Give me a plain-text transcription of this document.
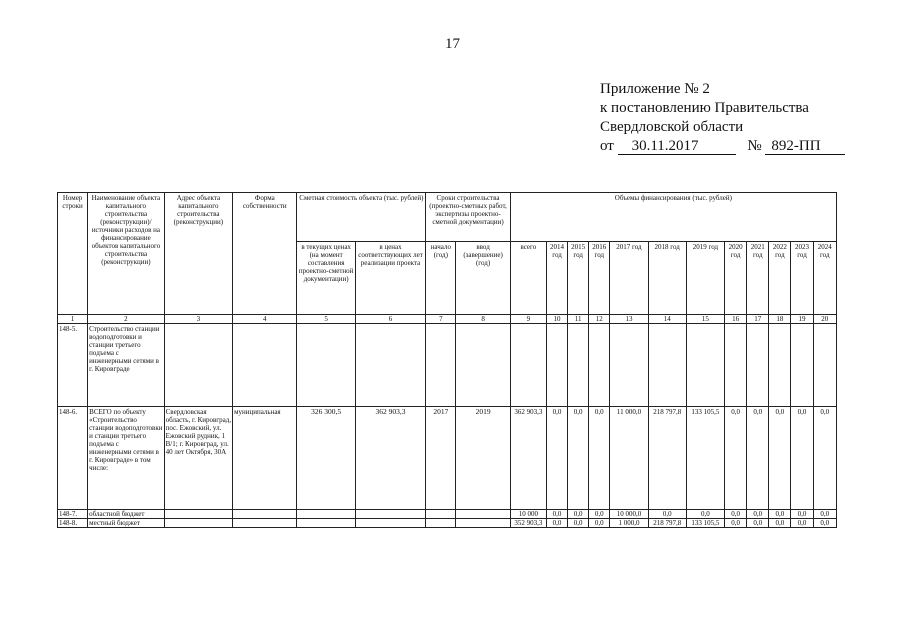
17
Приложение № 2
к постановлению Правительства
Свердловской области
от 30.11.2017	№ 892-ПП
Номер строки	Наименование объекта капитального строительства (реконструкции)/ источники расходов на финансирование объектов капитального строительства (реконструкции)	Адрес объекта капитального строительства (реконструкции)	Форма собственности	Сметная стоимость объекта (тыс. рублей)		Сроки строительства (проектно-сметных работ, экспертизы проектно-сметной документации)		Объемы финансирования (тыс. рублей)											
				в текущих ценах (на момент составления проектно-сметной документации)	в ценах соответствующих лет реализации проекта	начало (год)	ввод (завершение) (год)	всего	2014 год	2015 год	2016 год	2017 год	2018 год	2019 год	2020 год	2021 год	2022 год	2023 год	2024 год
1	2	3	4	5	6	7	8	9	10	11	12	13	14	15	16	17	18	19	20
148-5.	Строительство станции водоподготовки и станции третьего подъема с инженерными сетями в г. Кировграде																		
148-6.	ВСЕГО по объекту «Строительство станции водоподготовки и станции третьего подъема с инженерными сетями в г. Кировграде» в том числе:	Свердловская область, г. Кировград, пос. Ежовский, ул. Ежовский рудник, 1 В/1; г. Кировград, ул. 40 лет Октября, 30А	муниципальная	326 300,5	362 903,3	2017	2019	362 903,3	0,0	0,0	0,0	11 000,0	218 797,8	133 105,5	0,0	0,0	0,0	0,0	0,0
148-7.	областной бюджет							10 000	0,0	0,0	0,0	10 000,0	0,0	0,0	0,0	0,0	0,0	0,0	0,0
148-8.	местный бюджет							352 903,3	0,0	0,0	0,0	1 000,0	218 797,8	133 105,5	0,0	0,0	0,0	0,0	0,0
